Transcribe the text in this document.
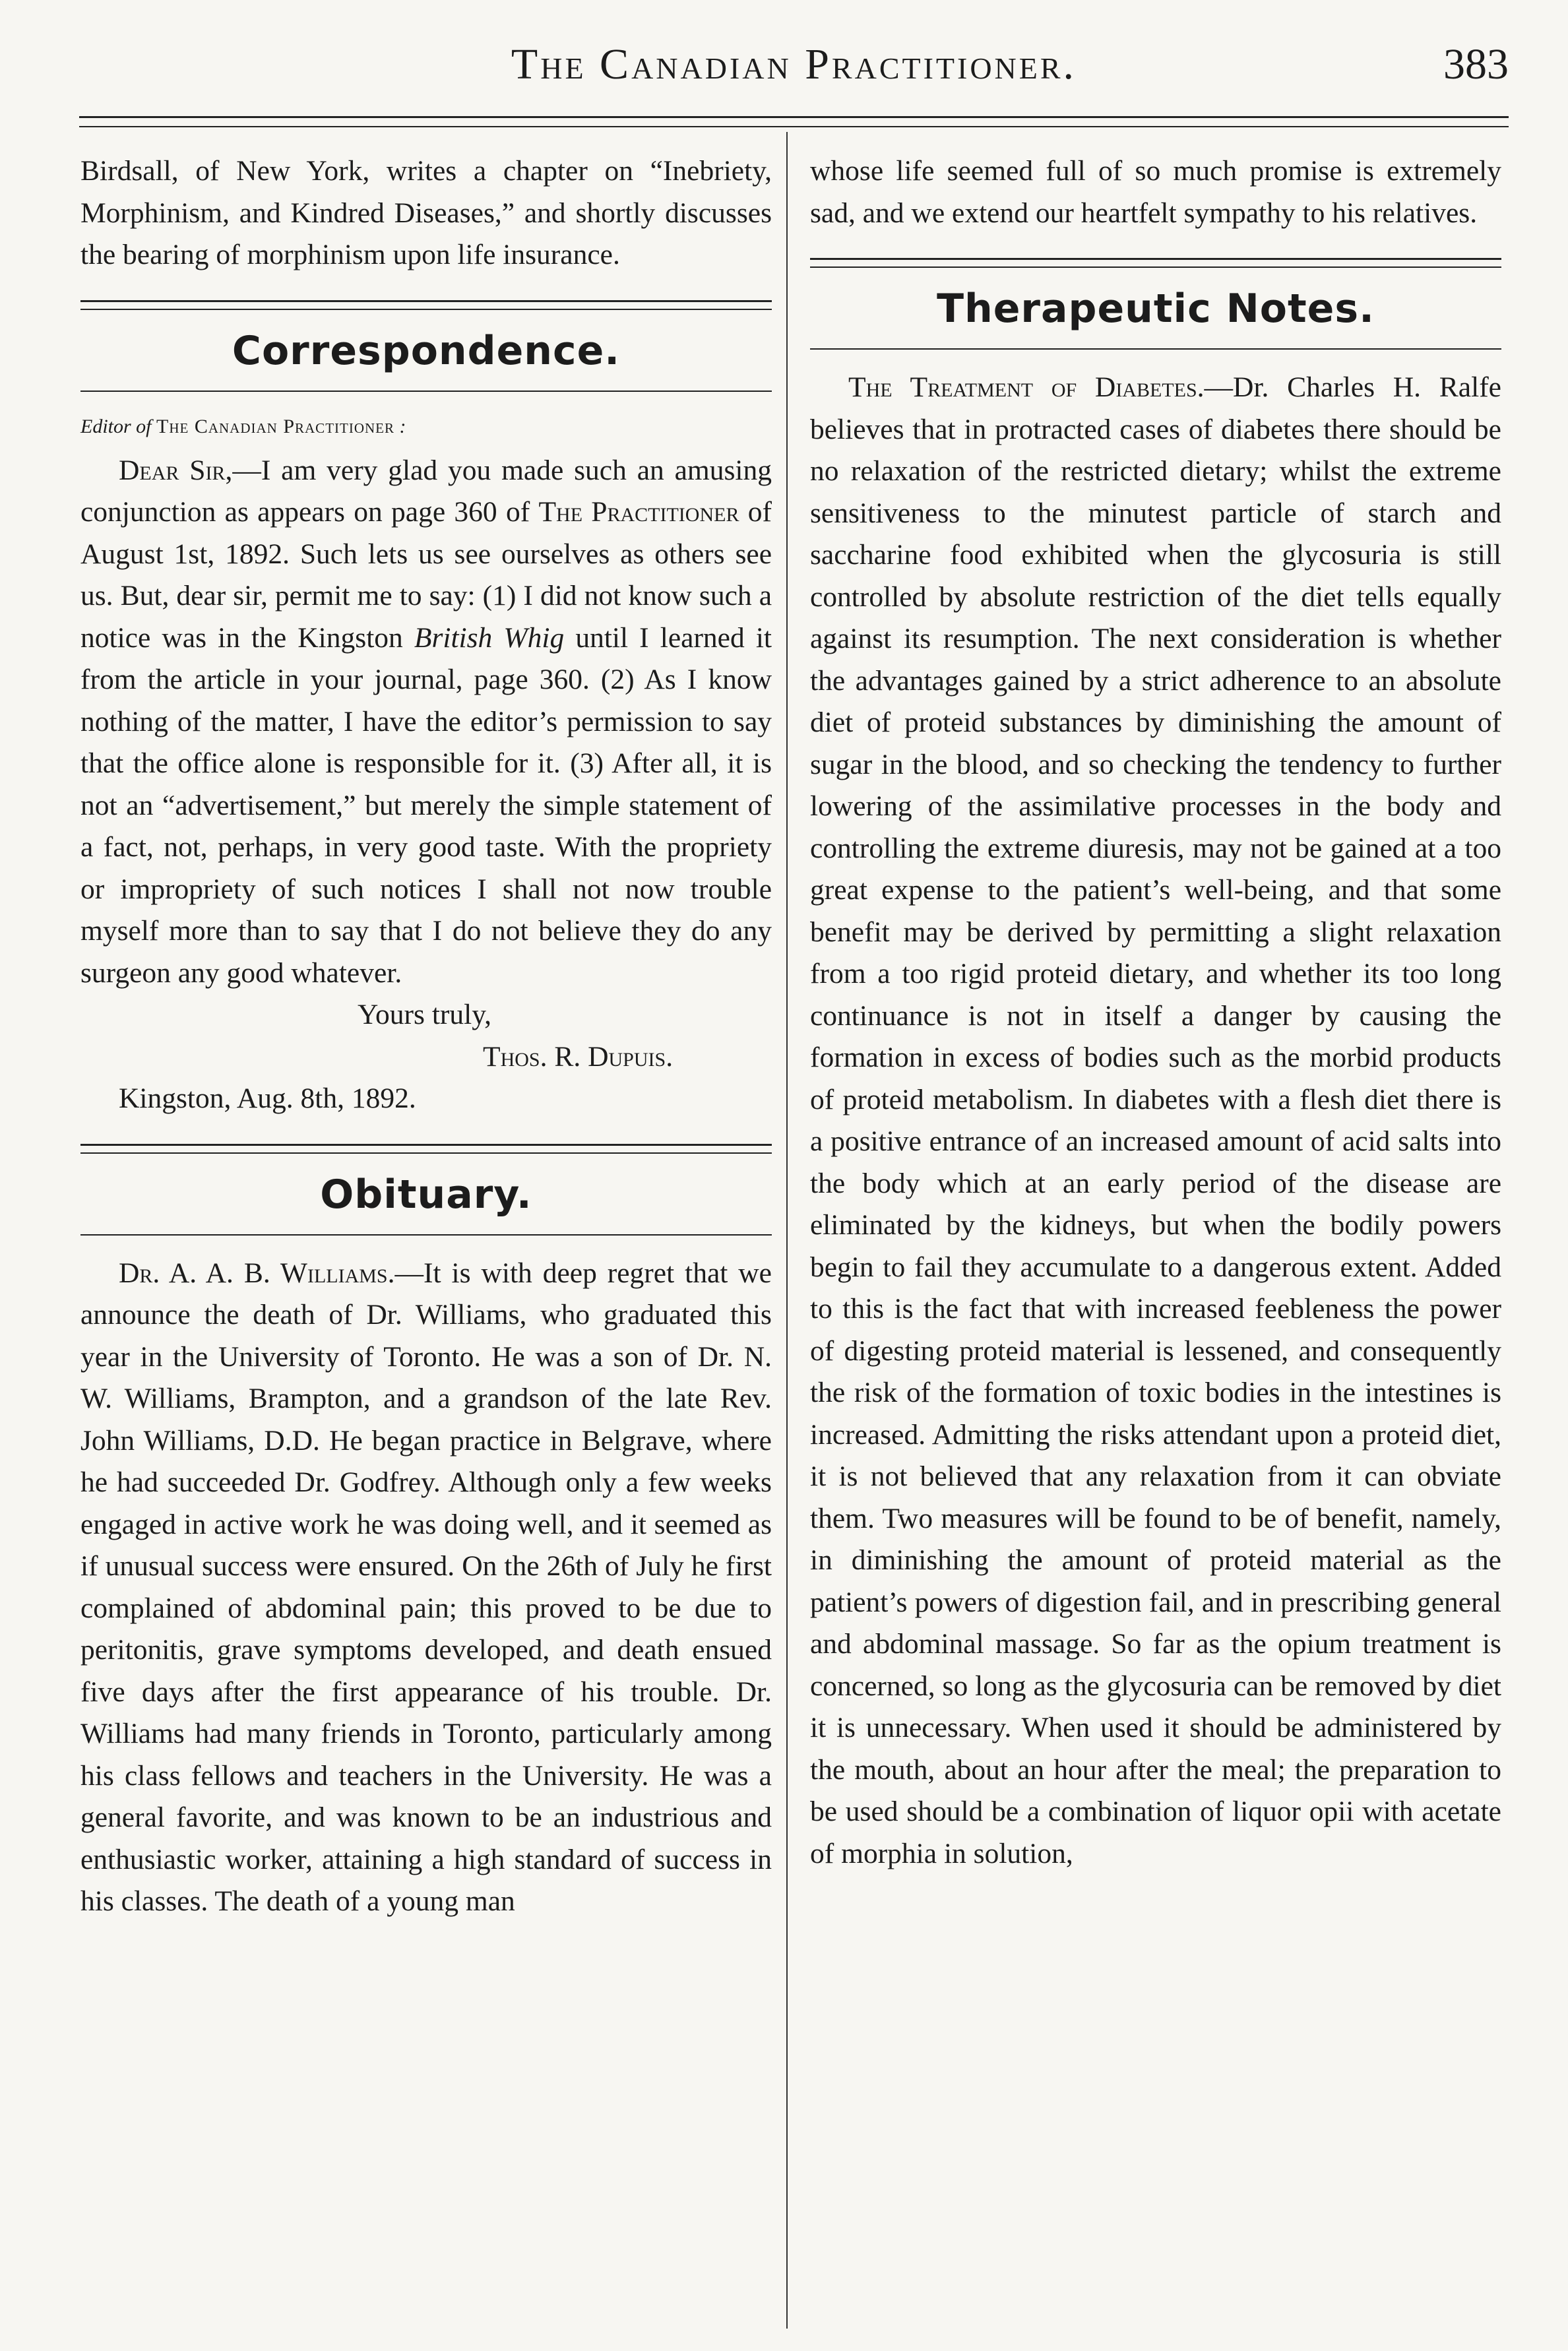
The Canadian Practitioner.	383

Birdsall, of New York, writes a chapter on “Inebriety, Morphinism, and Kindred Diseases,” and shortly discusses the bearing of morphinism upon life insurance.

Correspondence.
Editor of The Canadian Practitioner :

Dear Sir,—I am very glad you made such an amusing conjunction as appears on page 360 of The Practitioner of August 1st, 1892. Such lets us see ourselves as others see us. But, dear sir, permit me to say: (1) I did not know such a notice was in the Kingston British Whig until I learned it from the article in your journal, page 360. (2) As I know nothing of the matter, I have the editor’s permission to say that the office alone is responsible for it. (3) After all, it is not an “advertisement,” but merely the simple statement of a fact, not, perhaps, in very good taste. With the propriety or impropriety of such notices I shall not now trouble myself more than to say that I do not believe they do any surgeon any good whatever.

Yours truly,
Thos. R. Dupuis.

Kingston, Aug. 8th, 1892.

Obituary.

Dr. A. A. B. Williams.—It is with deep regret that we announce the death of Dr. Williams, who graduated this year in the University of Toronto. He was a son of Dr. N. W. Williams, Brampton, and a grandson of the late Rev. John Williams, D.D. He began practice in Belgrave, where he had succeeded Dr. Godfrey. Although only a few weeks engaged in active work he was doing well, and it seemed as if unusual success were ensured. On the 26th of July he first complained of abdominal pain; this proved to be due to peritonitis, grave symptoms developed, and death ensued five days after the first appearance of his trouble. Dr. Williams had many friends in Toronto, particularly among his class fellows and teachers in the University. He was a general favorite, and was known to be an industrious and enthusiastic worker, attaining a high standard of success in his classes. The death of a young man

whose life seemed full of so much promise is extremely sad, and we extend our heartfelt sympathy to his relatives.

Therapeutic Notes.

The Treatment of Diabetes.—Dr. Charles H. Ralfe believes that in protracted cases of diabetes there should be no relaxation of the restricted dietary; whilst the extreme sensitiveness to the minutest particle of starch and saccharine food exhibited when the glycosuria is still controlled by absolute restriction of the diet tells equally against its resumption. The next consideration is whether the advantages gained by a strict adherence to an absolute diet of proteid substances by diminishing the amount of sugar in the blood, and so checking the tendency to further lowering of the assimilative processes in the body and controlling the extreme diuresis, may not be gained at a too great expense to the patient’s well-being, and that some benefit may be derived by permitting a slight relaxation from a too rigid proteid dietary, and whether its too long continuance is not in itself a danger by causing the formation in excess of bodies such as the morbid products of proteid metabolism. In diabetes with a flesh diet there is a positive entrance of an increased amount of acid salts into the body which at an early period of the disease are eliminated by the kidneys, but when the bodily powers begin to fail they accumulate to a dangerous extent. Added to this is the fact that with increased feebleness the power of digesting proteid material is lessened, and consequently the risk of the formation of toxic bodies in the intestines is increased. Admitting the risks attendant upon a proteid diet, it is not believed that any relaxation from it can obviate them. Two measures will be found to be of benefit, namely, in diminishing the amount of proteid material as the patient’s powers of digestion fail, and in prescribing general and abdominal massage. So far as the opium treatment is concerned, so long as the glycosuria can be removed by diet it is unnecessary. When used it should be administered by the mouth, about an hour after the meal; the preparation to be used should be a combination of liquor opii with acetate of morphia in solution,
